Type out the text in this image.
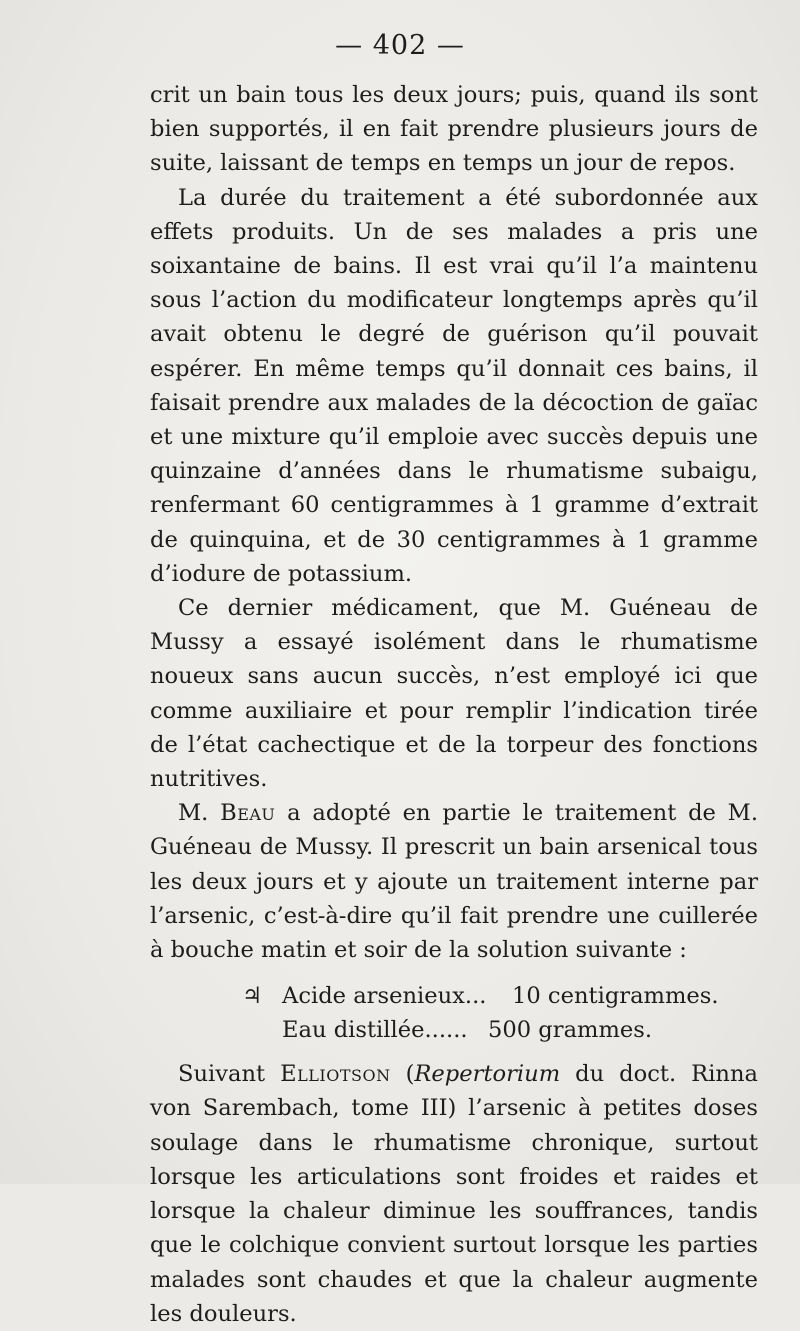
— 402 —

crit un bain tous les deux jours; puis, quand ils sont bien supportés, il en fait prendre plusieurs jours de suite, laissant de temps en temps un jour de repos.

La durée du traitement a été subordonnée aux effets produits. Un de ses malades a pris une soixantaine de bains. Il est vrai qu’il l’a maintenu sous l’action du modificateur longtemps après qu’il avait obtenu le degré de guérison qu’il pouvait espérer. En même temps qu’il donnait ces bains, il faisait prendre aux malades de la décoction de gaïac et une mixture qu’il emploie avec succès depuis une quinzaine d’années dans le rhumatisme subaigu, renfermant 60 centigrammes à 1 gramme d’extrait de quinquina, et de 30 centigrammes à 1 gramme d’iodure de potassium.

Ce dernier médicament, que M. Guéneau de Mussy a essayé isolément dans le rhumatisme noueux sans aucun succès, n’est employé ici que comme auxiliaire et pour remplir l’indication tirée de l’état cachectique et de la torpeur des fonctions nutritives.

M. Beau a adopté en partie le traitement de M. Guéneau de Mussy. Il prescrit un bain arsenical tous les deux jours et y ajoute un traitement interne par l’arsenic, c’est-à-dire qu’il fait prendre une cuillerée à bouche matin et soir de la solution suivante :

♃ Acide arsenieux...	10 centigrammes.
Eau distillée...... 500 grammes.

Suivant Elliotson (Repertorium du doct. Rinna von Sarembach, tome III) l’arsenic à petites doses soulage dans le rhumatisme chronique, surtout lorsque les articulations sont froides et raides et lorsque la chaleur diminue les souffrances, tandis que le colchique convient surtout lorsque les parties malades sont chaudes et que la chaleur augmente les douleurs.
